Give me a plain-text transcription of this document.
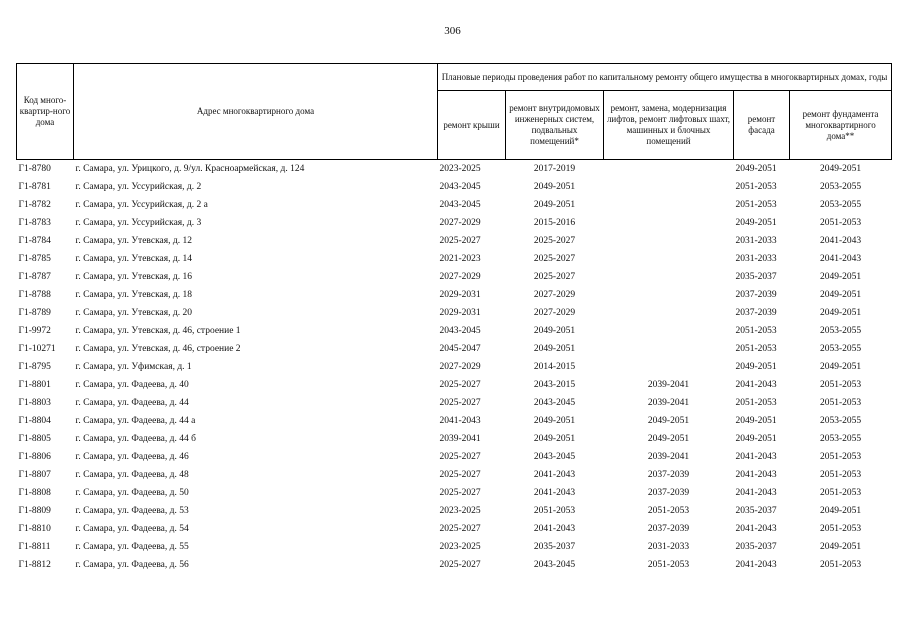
306
Код много-квартир-ного дома	Адрес многоквартирного дома	Плановые периоды проведения работ по капитальному ремонту общего имущества в многоквартирных домах, годы				
		ремонт крыши	ремонт внутридомовых инженерных систем, подвальных помещений*	ремонт, замена, модернизация лифтов, ремонт лифтовых шахт, машинных и блочных помещений	ремонт фасада	ремонт фундамента многоквартирного дома**
Г1-8780	г. Самара, ул. Урицкого, д. 9/ул. Красноармейская, д. 124	2023-2025	2017-2019		2049-2051	2049-2051
Г1-8781	г. Самара, ул. Уссурийская, д. 2	2043-2045	2049-2051		2051-2053	2053-2055
Г1-8782	г. Самара, ул. Уссурийская, д. 2 а	2043-2045	2049-2051		2051-2053	2053-2055
Г1-8783	г. Самара, ул. Уссурийская, д. 3	2027-2029	2015-2016		2049-2051	2051-2053
Г1-8784	г. Самара, ул. Утевская, д. 12	2025-2027	2025-2027		2031-2033	2041-2043
Г1-8785	г. Самара, ул. Утевская, д. 14	2021-2023	2025-2027		2031-2033	2041-2043
Г1-8787	г. Самара, ул. Утевская, д. 16	2027-2029	2025-2027		2035-2037	2049-2051
Г1-8788	г. Самара, ул. Утевская, д. 18	2029-2031	2027-2029		2037-2039	2049-2051
Г1-8789	г. Самара, ул. Утевская, д. 20	2029-2031	2027-2029		2037-2039	2049-2051
Г1-9972	г. Самара, ул. Утевская, д. 46, строение 1	2043-2045	2049-2051		2051-2053	2053-2055
Г1-10271	г. Самара, ул. Утевская, д. 46, строение 2	2045-2047	2049-2051		2051-2053	2053-2055
Г1-8795	г. Самара, ул. Уфимская, д. 1	2027-2029	2014-2015		2049-2051	2049-2051
Г1-8801	г. Самара, ул. Фадеева, д. 40	2025-2027	2043-2015	2039-2041	2041-2043	2051-2053
Г1-8803	г. Самара, ул. Фадеева, д. 44	2025-2027	2043-2045	2039-2041	2051-2053	2051-2053
Г1-8804	г. Самара, ул. Фадеева, д. 44 а	2041-2043	2049-2051	2049-2051	2049-2051	2053-2055
Г1-8805	г. Самара, ул. Фадеева, д. 44 б	2039-2041	2049-2051	2049-2051	2049-2051	2053-2055
Г1-8806	г. Самара, ул. Фадеева, д. 46	2025-2027	2043-2045	2039-2041	2041-2043	2051-2053
Г1-8807	г. Самара, ул. Фадеева, д. 48	2025-2027	2041-2043	2037-2039	2041-2043	2051-2053
Г1-8808	г. Самара, ул. Фадеева, д. 50	2025-2027	2041-2043	2037-2039	2041-2043	2051-2053
Г1-8809	г. Самара, ул. Фадеева, д. 53	2023-2025	2051-2053	2051-2053	2035-2037	2049-2051
Г1-8810	г. Самара, ул. Фадеева, д. 54	2025-2027	2041-2043	2037-2039	2041-2043	2051-2053
Г1-8811	г. Самара, ул. Фадеева, д. 55	2023-2025	2035-2037	2031-2033	2035-2037	2049-2051
Г1-8812	г. Самара, ул. Фадеева, д. 56	2025-2027	2043-2045	2051-2053	2041-2043	2051-2053
